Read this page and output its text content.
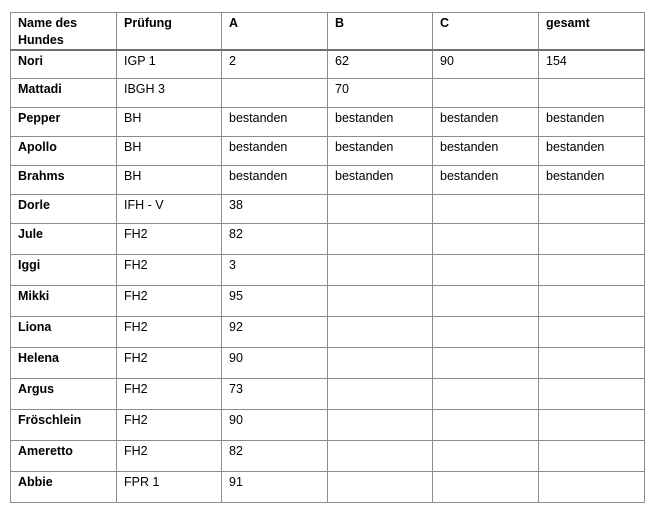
Name des Hundes	Prüfung	A	B	C	gesamt
Nori	IGP 1	2	62	90	154
Mattadi	IBGH 3		70		
Pepper	BH	bestanden	bestanden	bestanden	bestanden
Apollo	BH	bestanden	bestanden	bestanden	bestanden
Brahms	BH	bestanden	bestanden	bestanden	bestanden
Dorle	IFH - V	38			
Jule	FH2	82			
Iggi	FH2	3			
Mikki	FH2	95			
Liona	FH2	92			
Helena	FH2	90			
Argus	FH2	73			
Fröschlein	FH2	90			
Ameretto	FH2	82			
Abbie	FPR 1	91			
